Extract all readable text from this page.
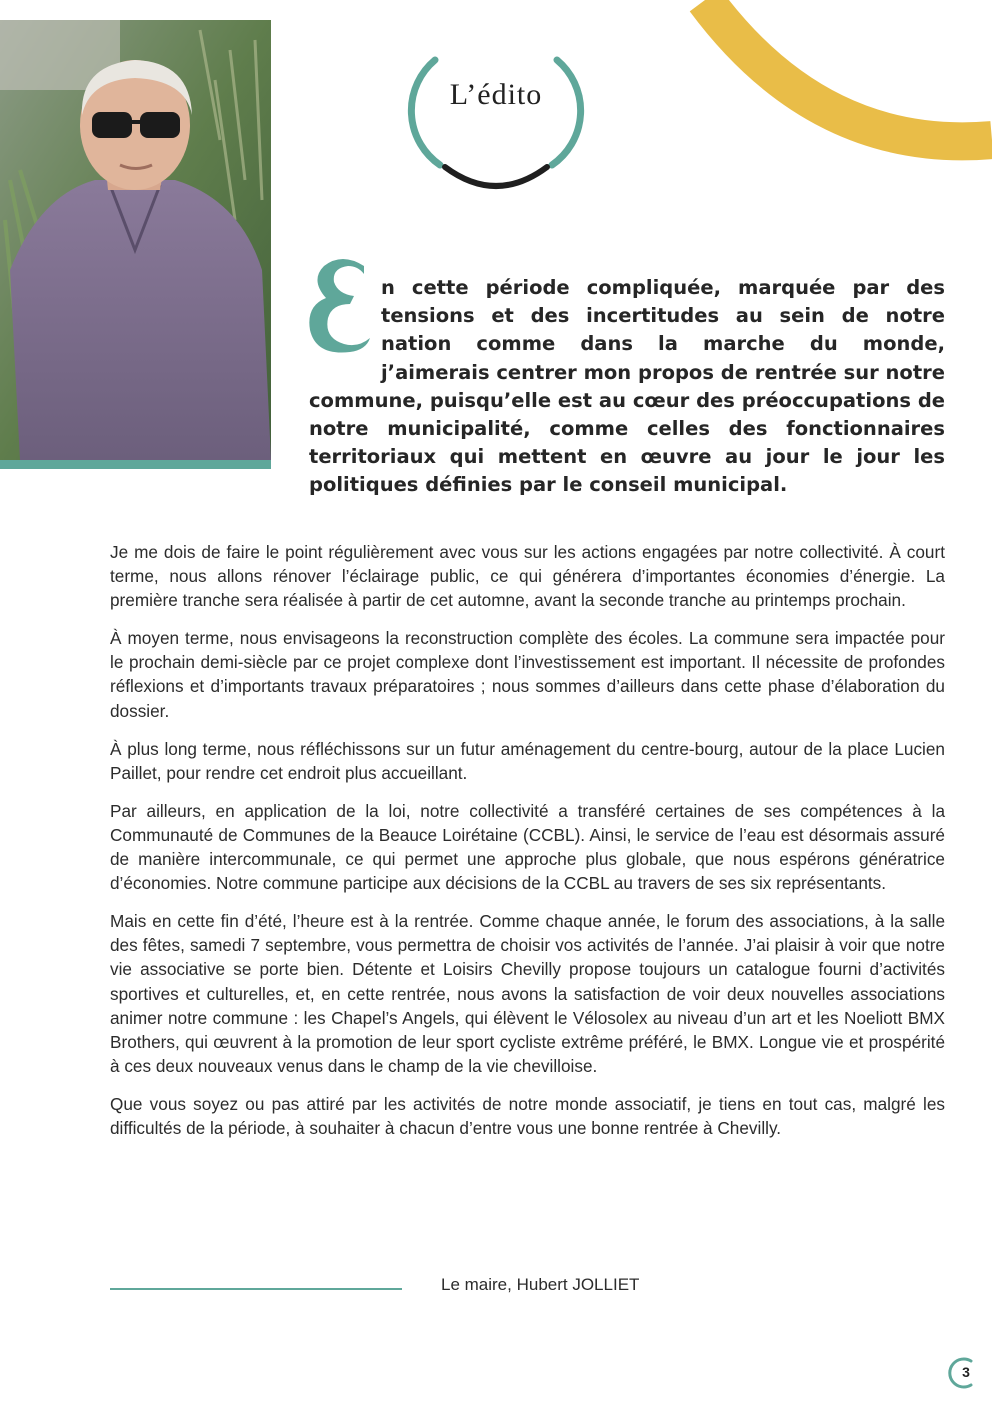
L’édito
E

n cette période compliquée, marquée par des tensions et des incertitudes au sein de notre nation comme dans la marche du monde, j’aimerais centrer mon propos de rentrée sur notre commune, puisqu’elle est au cœur des préoccupations de notre municipalité, comme celles des fonctionnaires territoriaux qui mettent en œuvre au jour le jour les politiques définies par le conseil municipal.

Je me dois de faire le point régulièrement avec vous sur les actions engagées par notre collectivité. À court terme, nous allons rénover l’éclairage public, ce qui générera d’importantes économies d’énergie. La première tranche sera réalisée à partir de cet automne, avant la seconde tranche au printemps prochain.

À moyen terme, nous envisageons la reconstruction complète des écoles. La commune sera impactée pour le prochain demi-siècle par ce projet complexe dont l’investissement est important. Il nécessite de profondes réflexions et d’importants travaux préparatoires ; nous sommes d’ailleurs dans cette phase d’élaboration du dossier.

À plus long terme, nous réfléchissons sur un futur aménagement du centre-bourg, autour de la place Lucien Paillet, pour rendre cet endroit plus accueillant.

Par ailleurs, en application de la loi, notre collectivité a transféré certaines de ses compétences à la Communauté de Communes de la Beauce Loirétaine (CCBL). Ainsi, le service de l’eau est désormais assuré de manière intercommunale, ce qui permet une approche plus globale, que nous espérons génératrice d’économies. Notre commune participe aux décisions de la CCBL au travers de ses six représentants.

Mais en cette fin d’été, l’heure est à la rentrée. Comme chaque année, le forum des associations, à la salle des fêtes, samedi 7 septembre, vous permettra de choisir vos activités de l’année. J’ai plaisir à voir que notre vie associative se porte bien. Détente et Loisirs Chevilly propose toujours un catalogue fourni d’activités sportives et culturelles, et, en cette rentrée, nous avons la satisfaction de voir deux nouvelles associations animer notre commune : les Chapel’s Angels, qui élèvent le Vélosolex au niveau d’un art et les Noeliott BMX Brothers, qui œuvrent à la promotion de leur sport cycliste extrême préféré, le BMX. Longue vie et prospérité à ces deux nouveaux venus dans le champ de la vie chevilloise.

Que vous soyez ou pas attiré par les activités de notre monde associatif, je tiens en tout cas, malgré les difficultés de la période, à souhaiter à chacun d’entre vous une bonne rentrée à Chevilly.

Le maire, Hubert JOLLIET
3
